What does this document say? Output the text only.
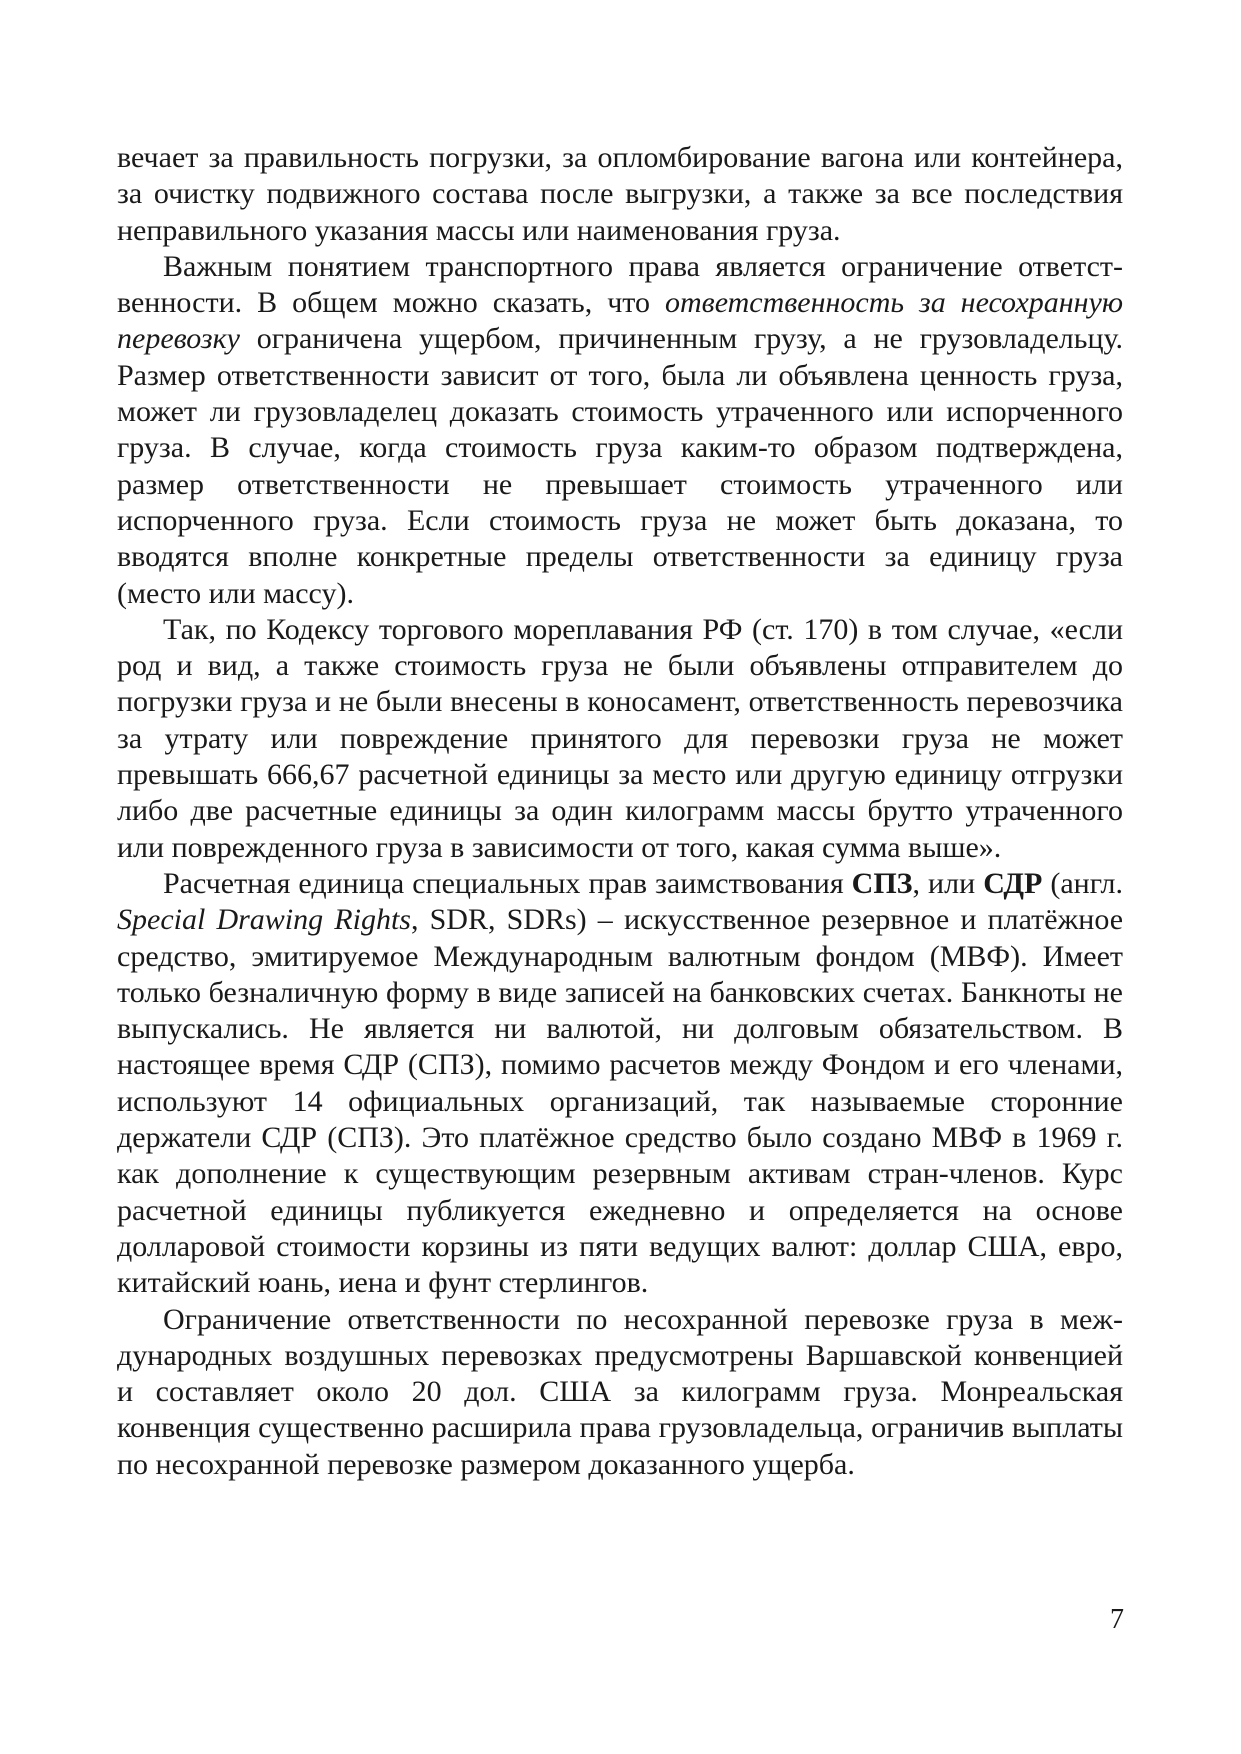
вечает за правильность погрузки, за опломбирование вагона или контейнера, за очистку подвижного состава после выгрузки, а также за все последствия неправильного указания массы или наименования груза.

Важным понятием транспортного права является ограничение ответственности. В общем можно сказать, что ответственность за несохранную перевозку ограничена ущербом, причиненным грузу, а не грузовладельцу. Размер ответственности зависит от того, была ли объявлена ценность груза, может ли грузовладелец доказать стоимость утраченного или испорченного груза. В случае, когда стоимость груза каким-то образом подтверждена, размер ответственности не превышает стоимость утраченного или испорченного груза. Если стоимость груза не может быть доказана, то вводятся вполне конкретные пределы ответственности за единицу груза (место или массу).

Так, по Кодексу торгового мореплавания РФ (ст. 170) в том случае, «если род и вид, а также стоимость груза не были объявлены отправителем до погрузки груза и не были внесены в коносамент, ответственность перевозчика за утрату или повреждение принятого для перевозки груза не может превышать 666,67 расчетной единицы за место или другую единицу отгрузки либо две расчетные единицы за один килограмм массы брутто утраченного или поврежденного груза в зависимости от того, какая сумма выше».

Расчетная единица специальных прав заимствования СПЗ, или СДР (англ. Special Drawing Rights, SDR, SDRs) – искусственное резервное и платёжное средство, эмитируемое Международным валютным фондом (МВФ). Имеет только безналичную форму в виде записей на банковских счетах. Банкноты не выпускались. Не является ни валютой, ни долговым обязательством. В настоящее время СДР (СПЗ), помимо расчетов между Фондом и его членами, используют 14 официальных организаций, так называемые сторонние держатели СДР (СПЗ). Это платёжное средство было создано МВФ в 1969 г. как дополнение к существующим резервным активам стран-членов. Курс расчетной единицы публикуется ежедневно и определяется на основе долларовой стоимости корзины из пяти ведущих валют: доллар США, евро, китайский юань, иена и фунт стерлингов.

Ограничение ответственности по несохранной перевозке груза в международных воздушных перевозках предусмотрены Варшавской конвенцией и составляет около 20 дол. США за килограмм груза. Монреальская конвенция существенно расширила права грузовладельца, ограничив выплаты по несохранной перевозке размером доказанного ущерба.

7
